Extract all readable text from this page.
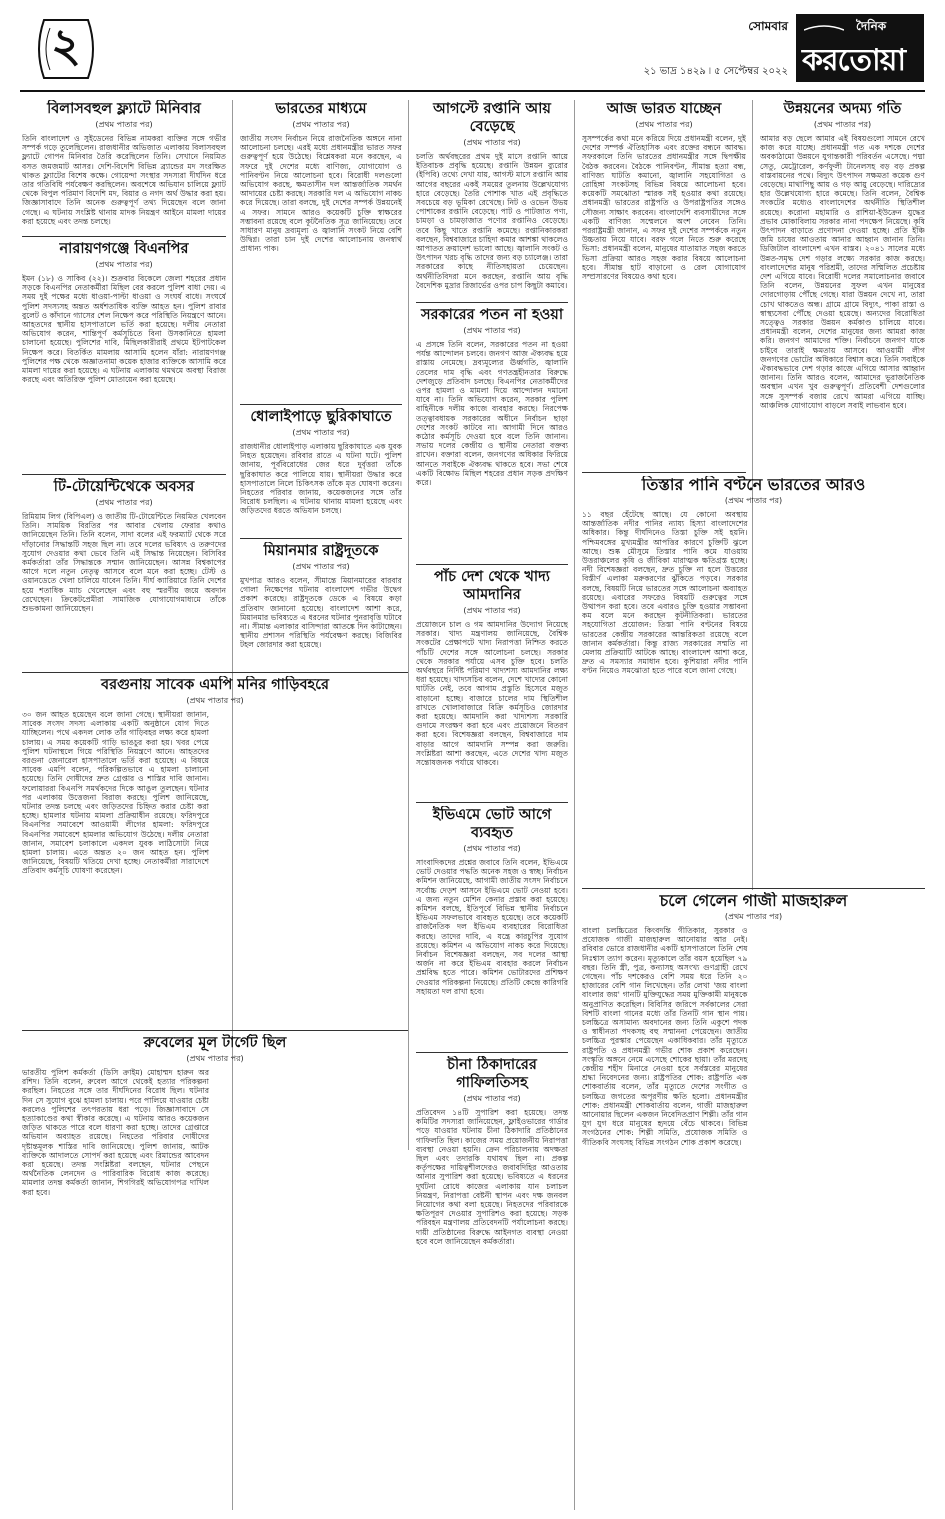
২	সোমবার
২১ ভাদ্র ১৪২৯ ৷ ৫ সেপ্টেম্বর ২০২২
দৈনিক
করতোয়া
বিলাসবহুল ফ্ল্যাটে মিনিবার
(প্রথম পাতার পর)

তিনি বাংলাদেশ ও সুইডেনের বিভিন্ন নামকরা ব্যক্তির সঙ্গে গভীর সম্পর্ক গড়ে তুলেছিলেন। রাজধানীর অভিজাত এলাকায় বিলাসবহুল ফ্ল্যাটে গোপন মিনিবার তৈরি করেছিলেন তিনি। সেখানে নিয়মিত বসত জমজমাট আসর। দেশি-বিদেশি বিভিন্ন ব্র্যান্ডের মদ সংরক্ষিত থাকত ফ্ল্যাটের বিশেষ কক্ষে। গোয়েন্দা সংস্থার সদস্যরা দীর্ঘদিন ধরে তার গতিবিধি পর্যবেক্ষণ করছিলেন। অবশেষে অভিযান চালিয়ে ফ্ল্যাট থেকে বিপুল পরিমাণ বিদেশি মদ, বিয়ার ও নগদ অর্থ উদ্ধার করা হয়। জিজ্ঞাসাবাদে তিনি অনেক গুরুত্বপূর্ণ তথ্য দিয়েছেন বলে জানা গেছে। এ ঘটনায় সংশ্লিষ্ট থানায় মাদক নিয়ন্ত্রণ আইনে মামলা দায়ের করা হয়েছে এবং তদন্ত চলছে।

নারায়ণগঞ্জে বিএনপির
(প্রথম পাতার পর)

ইমন (১৮) ও সাকিব (২২)। শুক্রবার বিকেলে জেলা শহরের প্রধান সড়কে বিএনপির নেতাকর্মীরা মিছিল বের করলে পুলিশ বাধা দেয়। এ সময় দুই পক্ষের মধ্যে ধাওয়া-পাল্টা ধাওয়া ও সংঘর্ষ বাধে। সংঘর্ষে পুলিশ সদস্যসহ অন্তত অর্ধশতাধিক ব্যক্তি আহত হন। পুলিশ রাবার বুলেট ও কাঁদানে গ্যাসের শেল নিক্ষেপ করে পরিস্থিতি নিয়ন্ত্রণে আনে। আহতদের স্থানীয় হাসপাতালে ভর্তি করা হয়েছে। দলীয় নেতারা অভিযোগ করেন, শান্তিপূর্ণ কর্মসূচিতে বিনা উসকানিতে হামলা চালানো হয়েছে। পুলিশের দাবি, মিছিলকারীরাই প্রথমে ইটপাটকেল নিক্ষেপ করে। বিতর্কিত মামলায় আসামি হলেন যাঁরা: নারায়ণগঞ্জ পুলিশের পক্ষ থেকে অজ্ঞাতনামা কয়েক হাজার ব্যক্তিকে আসামি করে মামলা দায়ের করা হয়েছে। এ ঘটনায় এলাকায় থমথমে অবস্থা বিরাজ করছে এবং অতিরিক্ত পুলিশ মোতায়েন করা হয়েছে।

টি-টোয়েন্টিথেকে অবসর
(প্রথম পাতার পর)

রিমিয়াম লিগ (বিপিএল) ও জাতীয় টি-টোয়েন্টিতে নিয়মিত খেলবেন তিনি। সাময়িক বিরতির পর আবার খেলায় ফেরার কথাও জানিয়েছেন তিনি। তিনি বলেন, সাদা বলের এই ফরম্যাট থেকে সরে দাঁড়ানোর সিদ্ধান্তটি সহজ ছিল না। তবে দলের ভবিষ্যৎ ও তরুণদের সুযোগ দেওয়ার কথা ভেবে তিনি এই সিদ্ধান্ত নিয়েছেন। বিসিবির কর্মকর্তারা তাঁর সিদ্ধান্তকে সম্মান জানিয়েছেন। আসন্ন বিশ্বকাপের আগে দলে নতুন নেতৃত্ব আসবে বলে মনে করা হচ্ছে। টেস্ট ও ওয়ানডেতে খেলা চালিয়ে যাবেন তিনি। দীর্ঘ ক্যারিয়ারে তিনি দেশের হয়ে শতাধিক ম্যাচ খেলেছেন এবং বহু স্মরণীয় জয়ে অবদান রেখেছেন। ক্রিকেটপ্রেমীরা সামাজিক যোগাযোগমাধ্যমে তাঁকে শুভকামনা জানিয়েছেন।

বরগুনায় সাবেক এমপি মনির গাড়িবহরে
(প্রথম পাতার পর)

৩০ জন আহত হয়েছেন বলে জানা গেছে। স্থানীয়রা জানান, সাবেক সংসদ সদস্য এলাকায় একটি অনুষ্ঠানে যোগ দিতে যাচ্ছিলেন। পথে একদল লোক তাঁর গাড়িবহর লক্ষ্য করে হামলা চালায়। এ সময় কয়েকটি গাড়ি ভাঙচুর করা হয়। খবর পেয়ে পুলিশ ঘটনাস্থলে গিয়ে পরিস্থিতি নিয়ন্ত্রণে আনে। আহতদের বরগুনা জেনারেল হাসপাতালে ভর্তি করা হয়েছে। এ বিষয়ে সাবেক এমপি বলেন, পরিকল্পিতভাবে এ হামলা চালানো হয়েছে। তিনি দোষীদের দ্রুত গ্রেপ্তার ও শাস্তির দাবি জানান। ফলোয়াররা বিএনপি সমর্থকদের দিকে আঙুল তুলছেন। ঘটনার পর এলাকায় উত্তেজনা বিরাজ করছে। পুলিশ জানিয়েছে, ঘটনার তদন্ত চলছে এবং জড়িতদের চিহ্নিত করার চেষ্টা করা হচ্ছে। হামলার ঘটনায় মামলা প্রক্রিয়াধীন রয়েছে। ফরিদপুরে বিএনপির সমাবেশে আওয়ামী লীগের হামলা: ফরিদপুরে বিএনপির সমাবেশে হামলার অভিযোগ উঠেছে। দলীয় নেতারা জানান, সমাবেশ চলাকালে একদল যুবক লাঠিসোটা নিয়ে হামলা চালায়। এতে অন্তত ২০ জন আহত হন। পুলিশ জানিয়েছে, বিষয়টি খতিয়ে দেখা হচ্ছে। নেতাকর্মীরা সারাদেশে প্রতিবাদ কর্মসূচি ঘোষণা করেছেন।

রুবেলের মূল টার্গেট ছিল
(প্রথম পাতার পর)

ভারতীয় পুলিশ কর্মকর্তা (ডিসি ক্রাইম) মোহাম্মদ হারুন অর রশিদ। তিনি বলেন, রুবেল আগে থেকেই হত্যার পরিকল্পনা করছিল। নিহতের সঙ্গে তার দীর্ঘদিনের বিরোধ ছিল। ঘটনার দিন সে সুযোগ বুঝে হামলা চালায়। পরে পালিয়ে যাওয়ার চেষ্টা করলেও পুলিশের তৎপরতায় ধরা পড়ে। জিজ্ঞাসাবাদে সে হত্যাকাণ্ডের কথা স্বীকার করেছে। এ ঘটনায় আরও কয়েকজন জড়িত থাকতে পারে বলে ধারণা করা হচ্ছে। তাদের গ্রেপ্তারে অভিযান অব্যাহত রয়েছে। নিহতের পরিবার দোষীদের দৃষ্টান্তমূলক শাস্তির দাবি জানিয়েছে। পুলিশ জানায়, আটক ব্যক্তিকে আদালতে সোপর্দ করা হয়েছে এবং রিমান্ডের আবেদন করা হয়েছে। তদন্ত সংশ্লিষ্টরা বলছেন, ঘটনার পেছনে অর্থনৈতিক লেনদেন ও পারিবারিক বিরোধ কাজ করেছে। মামলার তদন্ত কর্মকর্তা জানান, শিগগিরই অভিযোগপত্র দাখিল করা হবে।

ভারতের মাধ্যমে
(প্রথম পাতার পর)

জাতীয় সংসদ নির্বাচন নিয়ে রাজনৈতিক অঙ্গনে নানা আলোচনা চলছে। এরই মধ্যে প্রধানমন্ত্রীর ভারত সফর গুরুত্বপূর্ণ হয়ে উঠেছে। বিশ্লেষকরা মনে করছেন, এ সফরে দুই দেশের মধ্যে বাণিজ্য, যোগাযোগ ও পানিবণ্টন নিয়ে আলোচনা হবে। বিরোধী দলগুলো অভিযোগ করছে, ক্ষমতাসীন দল আন্তর্জাতিক সমর্থন আদায়ের চেষ্টা করছে। সরকারি দল এ অভিযোগ নাকচ করে দিয়েছে। তারা বলছে, দুই দেশের সম্পর্ক উন্নয়নেই এ সফর। সামনে আরও কয়েকটি চুক্তি স্বাক্ষরের সম্ভাবনা রয়েছে বলে কূটনৈতিক সূত্র জানিয়েছে। তবে সাধারণ মানুষ দ্রব্যমূল্য ও জ্বালানি সংকট নিয়ে বেশি উদ্বিগ্ন। তারা চান দুই দেশের আলোচনায় জনস্বার্থ প্রাধান্য পাক।

ধোলাইপাড়ে ছুরিকাঘাতে
(প্রথম পাতার পর)

রাজধানীর ধোলাইপাড় এলাকায় ছুরিকাঘাতে এক যুবক নিহত হয়েছেন। রবিবার রাতে এ ঘটনা ঘটে। পুলিশ জানায়, পূর্ববিরোধের জের ধরে দুর্বৃত্তরা তাঁকে ছুরিকাঘাত করে পালিয়ে যায়। স্থানীয়রা উদ্ধার করে হাসপাতালে নিলে চিকিৎসক তাঁকে মৃত ঘোষণা করেন। নিহতের পরিবার জানায়, কয়েকজনের সঙ্গে তাঁর বিরোধ চলছিল। এ ঘটনায় থানায় মামলা হয়েছে এবং জড়িতদের ধরতে অভিযান চলছে।

মিয়ানমার রাষ্ট্রদূতকে
(প্রথম পাতার পর)

মুখপাত্র আরও বলেন, সীমান্তে মিয়ানমারের বারবার গোলা নিক্ষেপের ঘটনায় বাংলাদেশ গভীর উদ্বেগ প্রকাশ করেছে। রাষ্ট্রদূতকে ডেকে এ বিষয়ে কড়া প্রতিবাদ জানানো হয়েছে। বাংলাদেশ আশা করে, মিয়ানমার ভবিষ্যতে এ ধরনের ঘটনার পুনরাবৃত্তি ঘটাবে না। সীমান্ত এলাকার বাসিন্দারা আতঙ্কে দিন কাটাচ্ছেন। স্থানীয় প্রশাসন পরিস্থিতি পর্যবেক্ষণ করছে। বিজিবির টহল জোরদার করা হয়েছে।

আগস্টে রপ্তানি আয় বেড়েছে
(প্রথম পাতার পর)

চলতি অর্থবছরের প্রথম দুই মাসে রপ্তানি আয়ে ইতিবাচক প্রবৃদ্ধি হয়েছে। রপ্তানি উন্নয়ন ব্যুরোর (ইপিবি) তথ্যে দেখা যায়, আগস্ট মাসে রপ্তানি আয় আগের বছরের একই সময়ের তুলনায় উল্লেখযোগ্য হারে বেড়েছে। তৈরি পোশাক খাত এই প্রবৃদ্ধিতে সবচেয়ে বড় ভূমিকা রেখেছে। নিট ও ওভেন উভয় পোশাকের রপ্তানি বেড়েছে। পাট ও পাটজাত পণ্য, চামড়া ও চামড়াজাত পণ্যের রপ্তানিও বেড়েছে। তবে কিছু খাতে রপ্তানি কমেছে। রপ্তানিকারকরা বলছেন, বিশ্ববাজারে চাহিদা কমার আশঙ্কা থাকলেও আপাতত ক্রয়াদেশ ভালো আছে। জ্বালানি সংকট ও উৎপাদন খরচ বৃদ্ধি তাদের জন্য বড় চ্যালেঞ্জ। তারা সরকারের কাছে নীতিসহায়তা চেয়েছেন। অর্থনীতিবিদরা মনে করছেন, রপ্তানি আয় বৃদ্ধি বৈদেশিক মুদ্রার রিজার্ভের ওপর চাপ কিছুটা কমাবে।

সরকারের পতন না হওয়া
(প্রথম পাতার পর)

এ প্রসঙ্গে তিনি বলেন, সরকারের পতন না হওয়া পর্যন্ত আন্দোলন চলবে। জনগণ আজ ঐক্যবদ্ধ হয়ে রাস্তায় নেমেছে। দ্রব্যমূল্যের ঊর্ধ্বগতি, জ্বালানি তেলের দাম বৃদ্ধি এবং গণতন্ত্রহীনতার বিরুদ্ধে দেশজুড়ে প্রতিবাদ চলছে। বিএনপির নেতাকর্মীদের ওপর হামলা ও মামলা দিয়ে আন্দোলন দমানো যাবে না। তিনি অভিযোগ করেন, সরকার পুলিশ বাহিনীকে দলীয় কাজে ব্যবহার করছে। নিরপেক্ষ তত্ত্বাবধায়ক সরকারের অধীনে নির্বাচন ছাড়া দেশের সংকট কাটবে না। আগামী দিনে আরও কঠোর কর্মসূচি দেওয়া হবে বলে তিনি জানান। সভায় দলের কেন্দ্রীয় ও স্থানীয় নেতারা বক্তব্য রাখেন। বক্তারা বলেন, জনগণের অধিকার ফিরিয়ে আনতে সবাইকে ঐক্যবদ্ধ থাকতে হবে। সভা শেষে একটি বিক্ষোভ মিছিল শহরের প্রধান সড়ক প্রদক্ষিণ করে।

পাঁচ দেশ থেকে খাদ্য আমদানির
(প্রথম পাতার পর)

প্রয়োজনে চাল ও গম আমদানির উদ্যোগ নিয়েছে সরকার। খাদ্য মন্ত্রণালয় জানিয়েছে, বৈশ্বিক সংকটের প্রেক্ষাপটে খাদ্য নিরাপত্তা নিশ্চিত করতে পাঁচটি দেশের সঙ্গে আলোচনা চলছে। সরকার থেকে সরকার পর্যায়ে এসব চুক্তি হবে। চলতি অর্থবছরে নির্দিষ্ট পরিমাণ খাদ্যশস্য আমদানির লক্ষ্য ধরা হয়েছে। খাদ্যসচিব বলেন, দেশে খাদ্যের কোনো ঘাটতি নেই, তবে আগাম প্রস্তুতি হিসেবে মজুত বাড়ানো হচ্ছে। বাজারে চালের দাম স্থিতিশীল রাখতে খোলাবাজারে বিক্রি কর্মসূচিও জোরদার করা হয়েছে। আমদানি করা খাদ্যশস্য সরকারি গুদামে সংরক্ষণ করা হবে এবং প্রয়োজনে বিতরণ করা হবে। বিশেষজ্ঞরা বলছেন, বিশ্ববাজারে দাম বাড়ার আগে আমদানি সম্পন্ন করা জরুরি। সংশ্লিষ্টরা আশা করছেন, এতে দেশের খাদ্য মজুত সন্তোষজনক পর্যায়ে থাকবে।

ইভিএমে ভোট আগে ব্যবহৃত
(প্রথম পাতার পর)

সাংবাদিকদের প্রশ্নের জবাবে তিনি বলেন, ইভিএমে ভোট দেওয়ার পদ্ধতি অনেক সহজ ও স্বচ্ছ। নির্বাচন কমিশন জানিয়েছে, আগামী জাতীয় সংসদ নির্বাচনে সর্বোচ্চ দেড়শ আসনে ইভিএমে ভোট নেওয়া হবে। এ জন্য নতুন মেশিন কেনার প্রস্তাব করা হয়েছে। কমিশন বলছে, ইতিপূর্বে বিভিন্ন স্থানীয় নির্বাচনে ইভিএম সফলভাবে ব্যবহৃত হয়েছে। তবে কয়েকটি রাজনৈতিক দল ইভিএম ব্যবহারের বিরোধিতা করছে। তাদের দাবি, এ যন্ত্রে কারচুপির সুযোগ রয়েছে। কমিশন এ অভিযোগ নাকচ করে দিয়েছে। নির্বাচন বিশেষজ্ঞরা বলছেন, সব দলের আস্থা অর্জন না করে ইভিএম ব্যবহার করলে নির্বাচন প্রশ্নবিদ্ধ হতে পারে। কমিশন ভোটারদের প্রশিক্ষণ দেওয়ার পরিকল্পনা নিয়েছে। প্রতিটি কেন্দ্রে কারিগরি সহায়তা দল রাখা হবে।

চীনা ঠিকাদারের গাফিলতিসহ
(প্রথম পাতার পর)

প্রতিবেদন ১৪টি সুপারিশ করা হয়েছে। তদন্ত কমিটির সদস্যরা জানিয়েছেন, ফ্লাইওভারের গার্ডার পড়ে যাওয়ার ঘটনায় চীনা ঠিকাদারি প্রতিষ্ঠানের গাফিলতি ছিল। কাজের সময় প্রয়োজনীয় নিরাপত্তা ব্যবস্থা নেওয়া হয়নি। ক্রেন পরিচালনায় অদক্ষতা ছিল এবং তদারকি যথাযথ ছিল না। প্রকল্প কর্তৃপক্ষের দায়িত্বশীলদেরও জবাবদিহির আওতায় আনার সুপারিশ করা হয়েছে। ভবিষ্যতে এ ধরনের দুর্ঘটনা রোধে কাজের এলাকায় যান চলাচল নিয়ন্ত্রণ, নিরাপত্তা বেষ্টনী স্থাপন এবং দক্ষ জনবল নিয়োগের কথা বলা হয়েছে। নিহতদের পরিবারকে ক্ষতিপূরণ দেওয়ার সুপারিশও করা হয়েছে। সড়ক পরিবহন মন্ত্রণালয় প্রতিবেদনটি পর্যালোচনা করছে। দায়ী প্রতিষ্ঠানের বিরুদ্ধে আইনগত ব্যবস্থা নেওয়া হবে বলে জানিয়েছেন কর্মকর্তারা।

আজ ভারত যাচ্ছেন
(প্রথম পাতার পর)

সুসম্পর্কের কথা মনে করিয়ে দিয়ে প্রধানমন্ত্রী বলেন, দুই দেশের সম্পর্ক ঐতিহাসিক এবং রক্তের বন্ধনে আবদ্ধ। সফরকালে তিনি ভারতের প্রধানমন্ত্রীর সঙ্গে দ্বিপক্ষীয় বৈঠক করবেন। বৈঠকে পানিবণ্টন, সীমান্ত হত্যা বন্ধ, বাণিজ্য ঘাটতি কমানো, জ্বালানি সহযোগিতা ও রোহিঙ্গা সংকটসহ বিভিন্ন বিষয়ে আলোচনা হবে। কয়েকটি সমঝোতা স্মারক সই হওয়ার কথা রয়েছে। প্রধানমন্ত্রী ভারতের রাষ্ট্রপতি ও উপরাষ্ট্রপতির সঙ্গেও সৌজন্য সাক্ষাৎ করবেন। বাংলাদেশি ব্যবসায়ীদের সঙ্গে একটি বাণিজ্য সম্মেলনে অংশ নেবেন তিনি। পররাষ্ট্রমন্ত্রী জানান, এ সফর দুই দেশের সম্পর্ককে নতুন উচ্চতায় নিয়ে যাবে। বরফ গলে নিতে শুরু করেছে ভিসা: প্রধানমন্ত্রী বলেন, মানুষের যাতায়াত সহজ করতে ভিসা প্রক্রিয়া আরও সহজ করার বিষয়ে আলোচনা হবে। সীমান্ত হাট বাড়ানো ও রেল যোগাযোগ সম্প্রসারণের বিষয়েও কথা হবে।

তিস্তার পানি বণ্টনে ভারতের আরও
(প্রথম পাতার পর)

১১ বছর হেঁটেছে আছে। যে কোনো অবস্থায় আন্তর্জাতিক নদীর পানির ন্যায্য হিস্যা বাংলাদেশের অধিকার। কিন্তু দীর্ঘদিনেও তিস্তা চুক্তি সই হয়নি। পশ্চিমবঙ্গের মুখ্যমন্ত্রীর আপত্তির কারণে চুক্তিটি ঝুলে আছে। শুষ্ক মৌসুমে তিস্তার পানি কমে যাওয়ায় উত্তরাঞ্চলের কৃষি ও জীবিকা মারাত্মক ক্ষতিগ্রস্ত হচ্ছে। নদী বিশেষজ্ঞরা বলছেন, দ্রুত চুক্তি না হলে উত্তরের বিস্তীর্ণ এলাকা মরুকরণের ঝুঁকিতে পড়বে। সরকার বলছে, বিষয়টি নিয়ে ভারতের সঙ্গে আলোচনা অব্যাহত রয়েছে। এবারের সফরেও বিষয়টি গুরুত্বের সঙ্গে উত্থাপন করা হবে। তবে এবারও চুক্তি হওয়ার সম্ভাবনা কম বলে মনে করছেন কূটনীতিকরা। ভারতের সহযোগিতা প্রয়োজন: তিস্তা পানি বণ্টনের বিষয়ে ভারতের কেন্দ্রীয় সরকারের আন্তরিকতা রয়েছে বলে জানান কর্মকর্তারা। কিন্তু রাজ্য সরকারের সম্মতি না মেলায় প্রক্রিয়াটি আটকে আছে। বাংলাদেশ আশা করে, দ্রুত এ সমস্যার সমাধান হবে। কুশিয়ারা নদীর পানি বণ্টন নিয়েও সমঝোতা হতে পারে বলে জানা গেছে।

উন্নয়নের অদম্য গতি
(প্রথম পাতার পর)

আমার বড় ছেলে আমার এই বিষয়গুলো সামনে রেখে কাজ করে যাচ্ছে। প্রধানমন্ত্রী গত এক দশকে দেশের অবকাঠামো উন্নয়নে যুগান্তকারী পরিবর্তন এসেছে। পদ্মা সেতু, মেট্রোরেল, কর্ণফুলী টানেলসহ বড় বড় প্রকল্প বাস্তবায়নের পথে। বিদ্যুৎ উৎপাদন সক্ষমতা কয়েক গুণ বেড়েছে। মাথাপিছু আয় ও গড় আয়ু বেড়েছে। দারিদ্র্যের হার উল্লেখযোগ্য হারে কমেছে। তিনি বলেন, বৈশ্বিক সংকটের মধ্যেও বাংলাদেশের অর্থনীতি স্থিতিশীল রয়েছে। করোনা মহামারি ও রাশিয়া-ইউক্রেন যুদ্ধের প্রভাব মোকাবিলায় সরকার নানা পদক্ষেপ নিয়েছে। কৃষি উৎপাদন বাড়াতে প্রণোদনা দেওয়া হচ্ছে। প্রতি ইঞ্চি জমি চাষের আওতায় আনার আহ্বান জানান তিনি। ডিজিটাল বাংলাদেশ এখন বাস্তব। ২০৪১ সালের মধ্যে উন্নত-সমৃদ্ধ দেশ গড়ার লক্ষ্যে সরকার কাজ করছে। বাংলাদেশের মানুষ পরিশ্রমী, তাদের সম্মিলিত প্রচেষ্টায় দেশ এগিয়ে যাবে। বিরোধী দলের সমালোচনার জবাবে তিনি বলেন, উন্নয়নের সুফল এখন মানুষের দোরগোড়ায় পৌঁছে গেছে। যারা উন্নয়ন দেখে না, তারা চোখ থাকতেও অন্ধ। গ্রামে গ্রামে বিদ্যুৎ, পাকা রাস্তা ও স্বাস্থ্যসেবা পৌঁছে দেওয়া হয়েছে। অন্যদের বিরোধিতা সত্ত্বেও সরকার উন্নয়ন কর্মকাণ্ড চালিয়ে যাবে। প্রধানমন্ত্রী বলেন, দেশের মানুষের জন্য আমরা কাজ করি। জনগণ আমাদের শক্তি। নির্বাচনে জনগণ যাকে চাইবে তারাই ক্ষমতায় আসবে। আওয়ামী লীগ জনগণের ভোটের অধিকারে বিশ্বাস করে। তিনি সবাইকে ঐক্যবদ্ধভাবে দেশ গড়ার কাজে এগিয়ে আসার আহ্বান জানান। তিনি আরও বলেন, আমাদের ভূরাজনৈতিক অবস্থান এখন খুব গুরুত্বপূর্ণ। প্রতিবেশী দেশগুলোর সঙ্গে সুসম্পর্ক বজায় রেখে আমরা এগিয়ে যাচ্ছি। আঞ্চলিক যোগাযোগ বাড়লে সবাই লাভবান হবে।

চলে গেলেন গাজী মাজহারুল
(প্রথম পাতার পর)

বাংলা চলচ্চিত্রের কিংবদন্তি গীতিকার, সুরকার ও প্রযোজক গাজী মাজহারুল আনোয়ার আর নেই। রবিবার ভোরে রাজধানীর একটি হাসপাতালে তিনি শেষ নিঃশ্বাস ত্যাগ করেন। মৃত্যুকালে তাঁর বয়স হয়েছিল ৭৯ বছর। তিনি স্ত্রী, পুত্র, কন্যাসহ অসংখ্য গুণগ্রাহী রেখে গেছেন। পাঁচ দশকেরও বেশি সময় ধরে তিনি ২০ হাজারের বেশি গান লিখেছেন। তাঁর লেখা 'জয় বাংলা বাংলার জয়' গানটি মুক্তিযুদ্ধের সময় মুক্তিকামী মানুষকে অনুপ্রাণিত করেছিল। বিবিসির জরিপে সর্বকালের সেরা বিশটি বাংলা গানের মধ্যে তাঁর তিনটি গান স্থান পায়। চলচ্চিত্রে অসামান্য অবদানের জন্য তিনি একুশে পদক ও স্বাধীনতা পদকসহ বহু সম্মাননা পেয়েছেন। জাতীয় চলচ্চিত্র পুরস্কার পেয়েছেন একাধিকবার। তাঁর মৃত্যুতে রাষ্ট্রপতি ও প্রধানমন্ত্রী গভীর শোক প্রকাশ করেছেন। সংস্কৃতি অঙ্গনে নেমে এসেছে শোকের ছায়া। তাঁর মরদেহ কেন্দ্রীয় শহীদ মিনারে নেওয়া হবে সর্বস্তরের মানুষের শ্রদ্ধা নিবেদনের জন্য। রাষ্ট্রপতির শোক: রাষ্ট্রপতি এক শোকবার্তায় বলেন, তাঁর মৃত্যুতে দেশের সংগীত ও চলচ্চিত্র জগতের অপূরণীয় ক্ষতি হলো। প্রধানমন্ত্রীর শোক: প্রধানমন্ত্রী শোকবার্তায় বলেন, গাজী মাজহারুল আনোয়ার ছিলেন একজন নিবেদিতপ্রাণ শিল্পী। তাঁর গান যুগ যুগ ধরে মানুষের হৃদয়ে বেঁচে থাকবে। বিভিন্ন সংগঠনের শোক: শিল্পী সমিতি, প্রযোজক সমিতি ও গীতিকবি সংঘসহ বিভিন্ন সংগঠন শোক প্রকাশ করেছে।
